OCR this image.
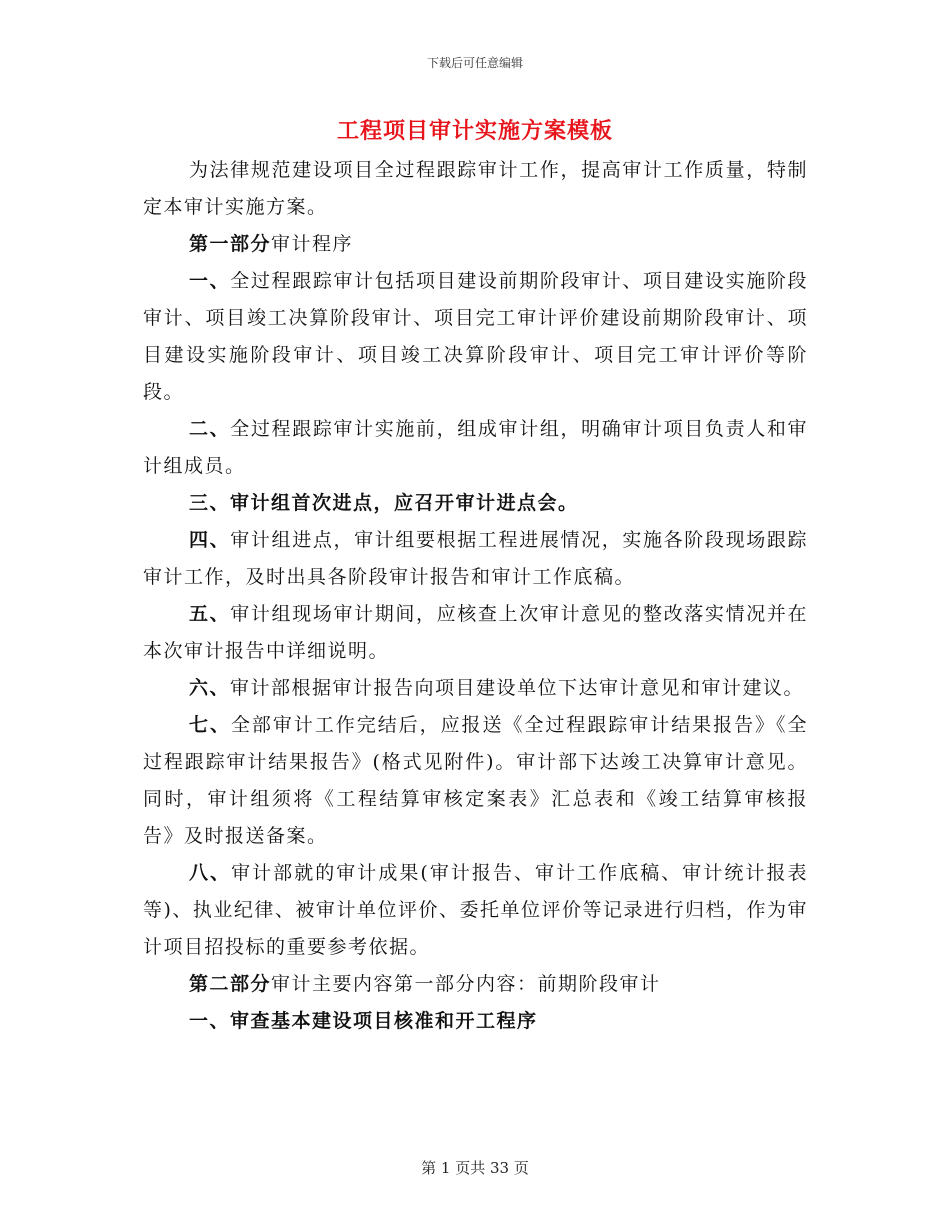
下载后可任意编辑
工程项目审计实施方案模板

为法律规范建设项目全过程跟踪审计工作，提高审计工作质量，特制定本审计实施方案。

第一部分审计程序

一、全过程跟踪审计包括项目建设前期阶段审计、项目建设实施阶段审计、项目竣工决算阶段审计、项目完工审计评价建设前期阶段审计、项目建设实施阶段审计、项目竣工决算阶段审计、项目完工审计评价等阶段。

二、全过程跟踪审计实施前，组成审计组，明确审计项目负责人和审计组成员。

三、审计组首次进点，应召开审计进点会。

四、审计组进点，审计组要根据工程进展情况，实施各阶段现场跟踪审计工作，及时出具各阶段审计报告和审计工作底稿。

五、审计组现场审计期间，应核查上次审计意见的整改落实情况并在本次审计报告中详细说明。

六、审计部根据审计报告向项目建设单位下达审计意见和审计建议。

七、全部审计工作完结后，应报送《全过程跟踪审计结果报告》《全过程跟踪审计结果报告》(格式见附件)。审计部下达竣工决算审计意见。同时，审计组须将《工程结算审核定案表》汇总表和《竣工结算审核报告》及时报送备案。

八、审计部就的审计成果(审计报告、审计工作底稿、审计统计报表等)、执业纪律、被审计单位评价、委托单位评价等记录进行归档，作为审计项目招投标的重要参考依据。

第二部分审计主要内容第一部分内容：前期阶段审计

一、审查基本建设项目核准和开工程序

第 1 页共 33 页
